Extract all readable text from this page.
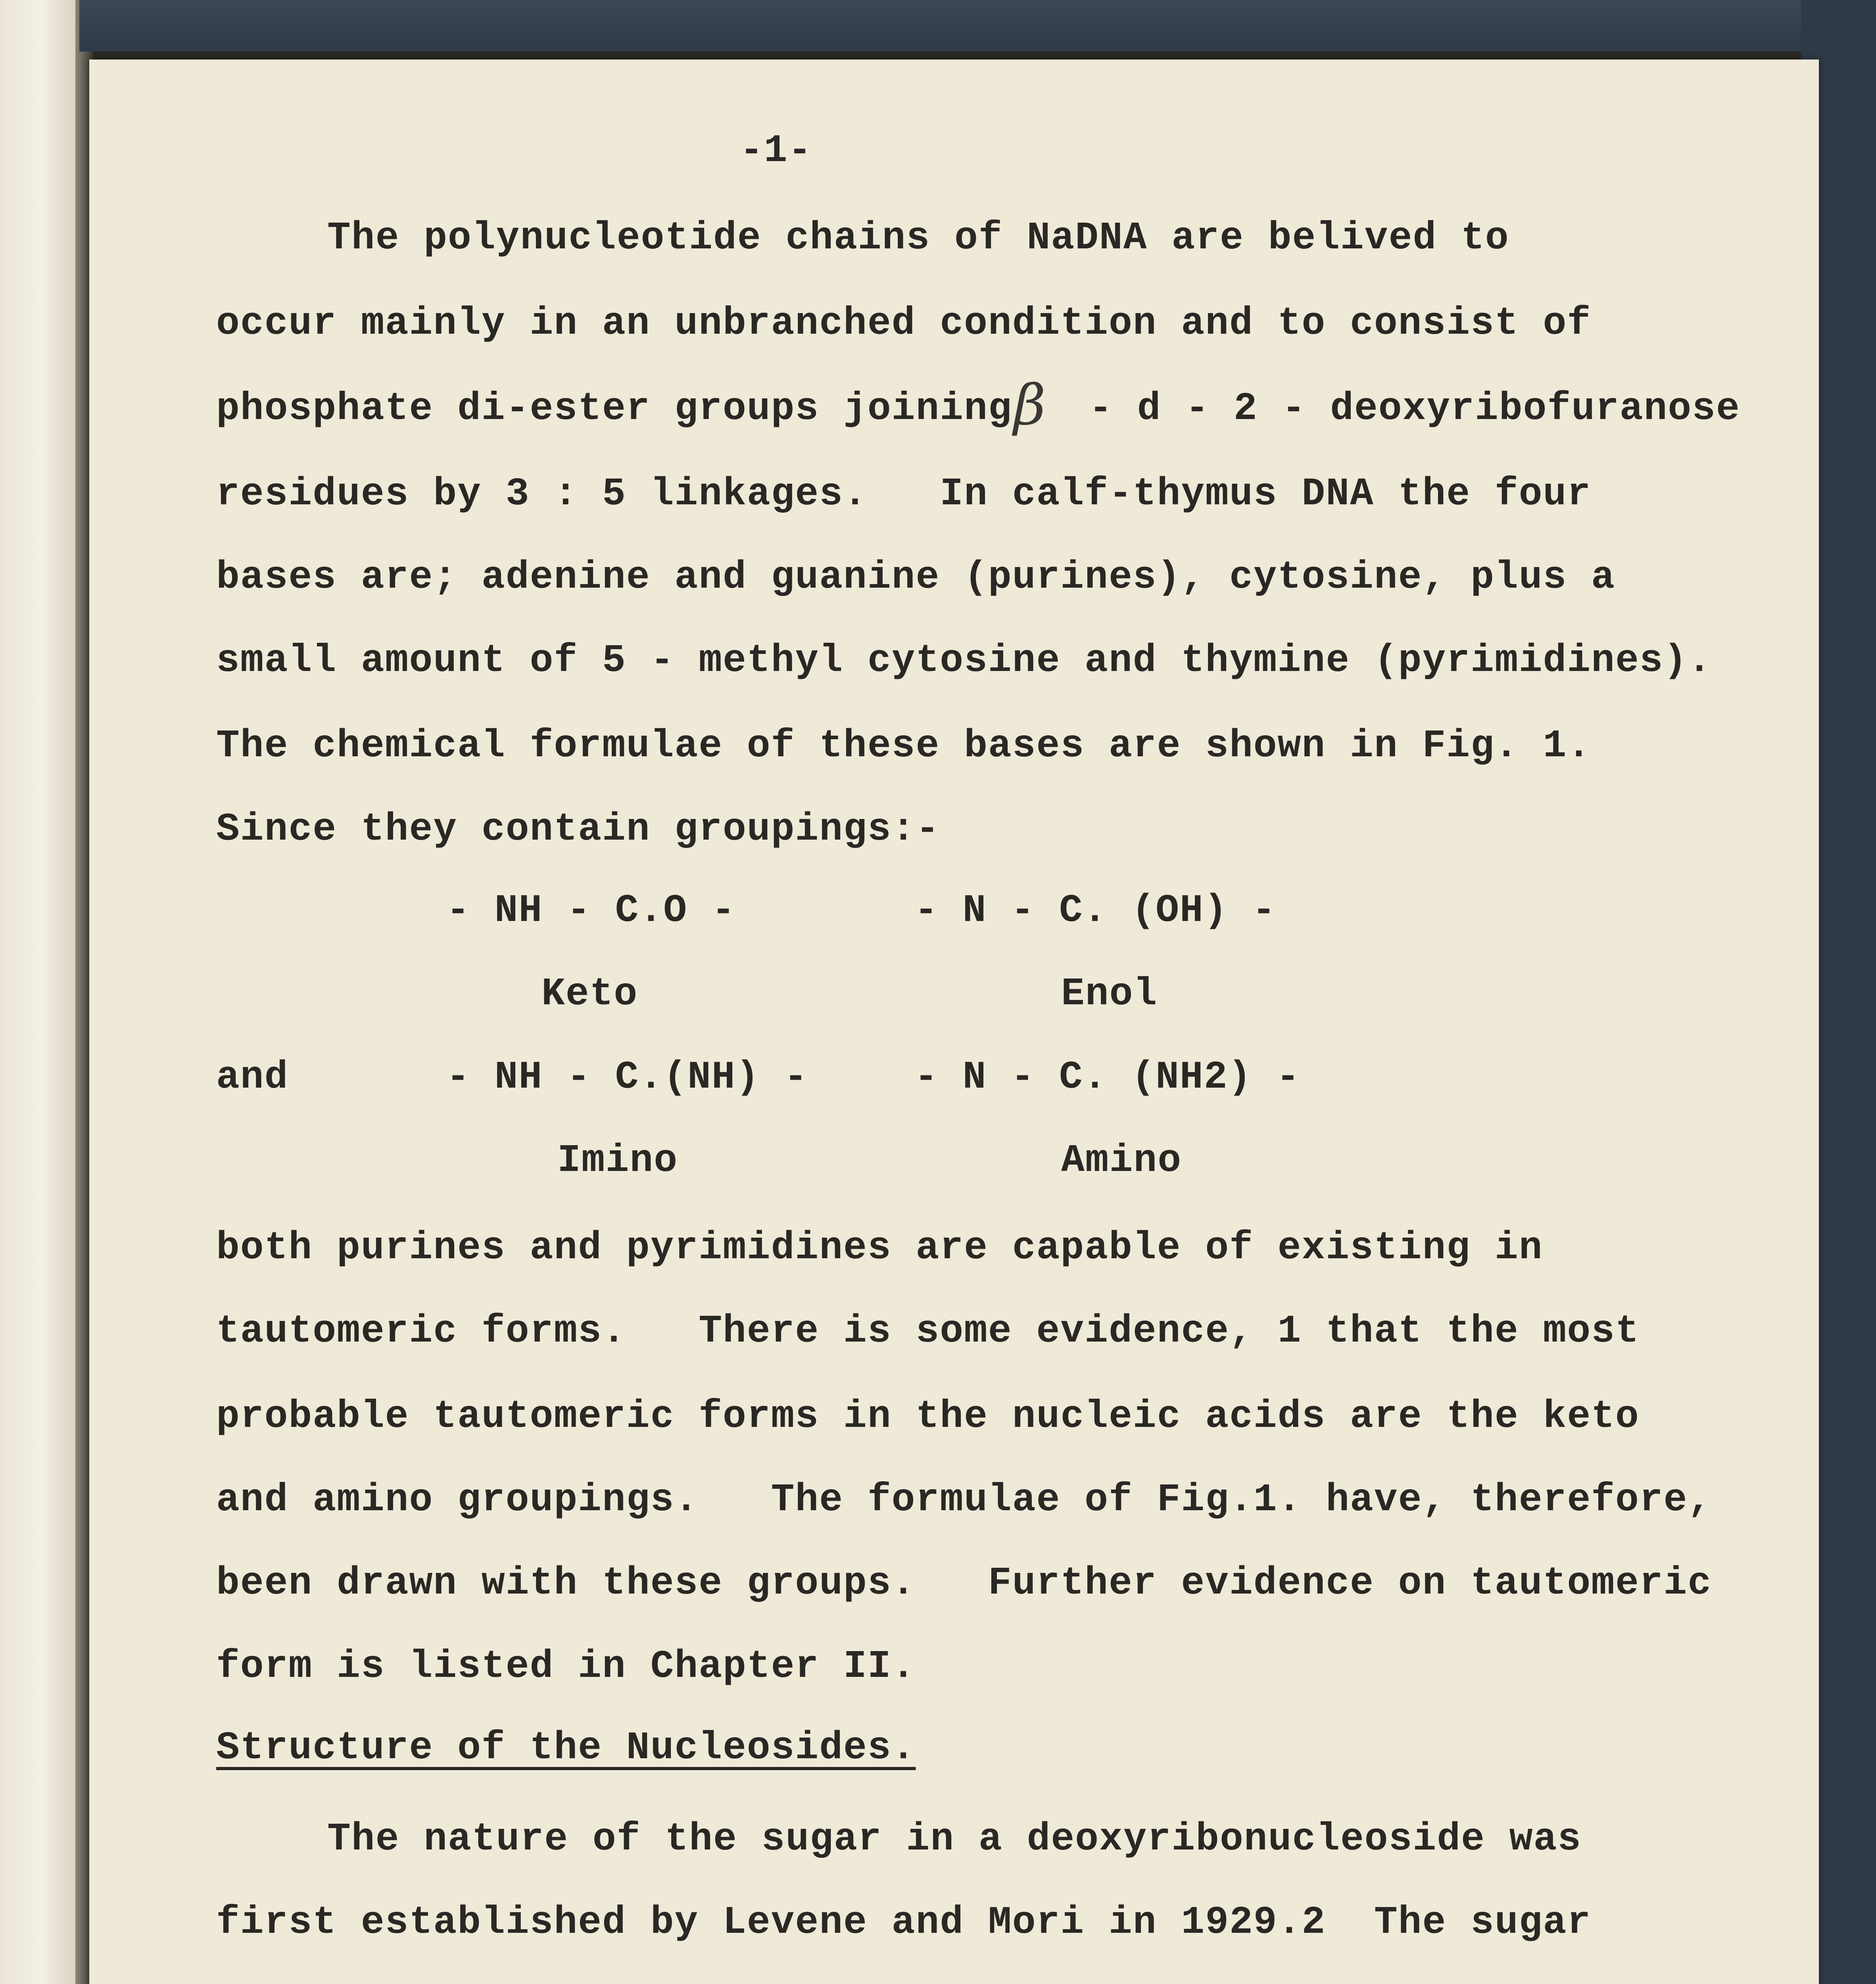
-1-
The polynucleotide chains of NaDNA are belived to
occur mainly in an unbranched condition and to consist of
phosphate di-ester groups joining β - d - 2 - deoxyribofuranose
residues by 3 : 5 linkages.   In calf-thymus DNA the four
bases are; adenine and guanine (purines), cytosine, plus a
small amount of 5 - methyl cytosine and thymine (pyrimidines).
The chemical formulae of these bases are shown in Fig. 1.
Since they contain groupings:-
- NH - C.O -	- N - C. (OH) -
Keto	Enol
and	- NH - C.(NH) -	- N - C. (NH2) -
Imino	Amino
both purines and pyrimidines are capable of existing in
tautomeric forms.   There is some evidence, 1 that the most
probable tautomeric forms in the nucleic acids are the keto
and amino groupings.   The formulae of Fig.1. have, therefore,
been drawn with these groups.   Further evidence on tautomeric
form is listed in Chapter II.
Structure of the Nucleosides.
The nature of the sugar in a deoxyribonucleoside was
first established by Levene and Mori in 1929.2  The sugar
